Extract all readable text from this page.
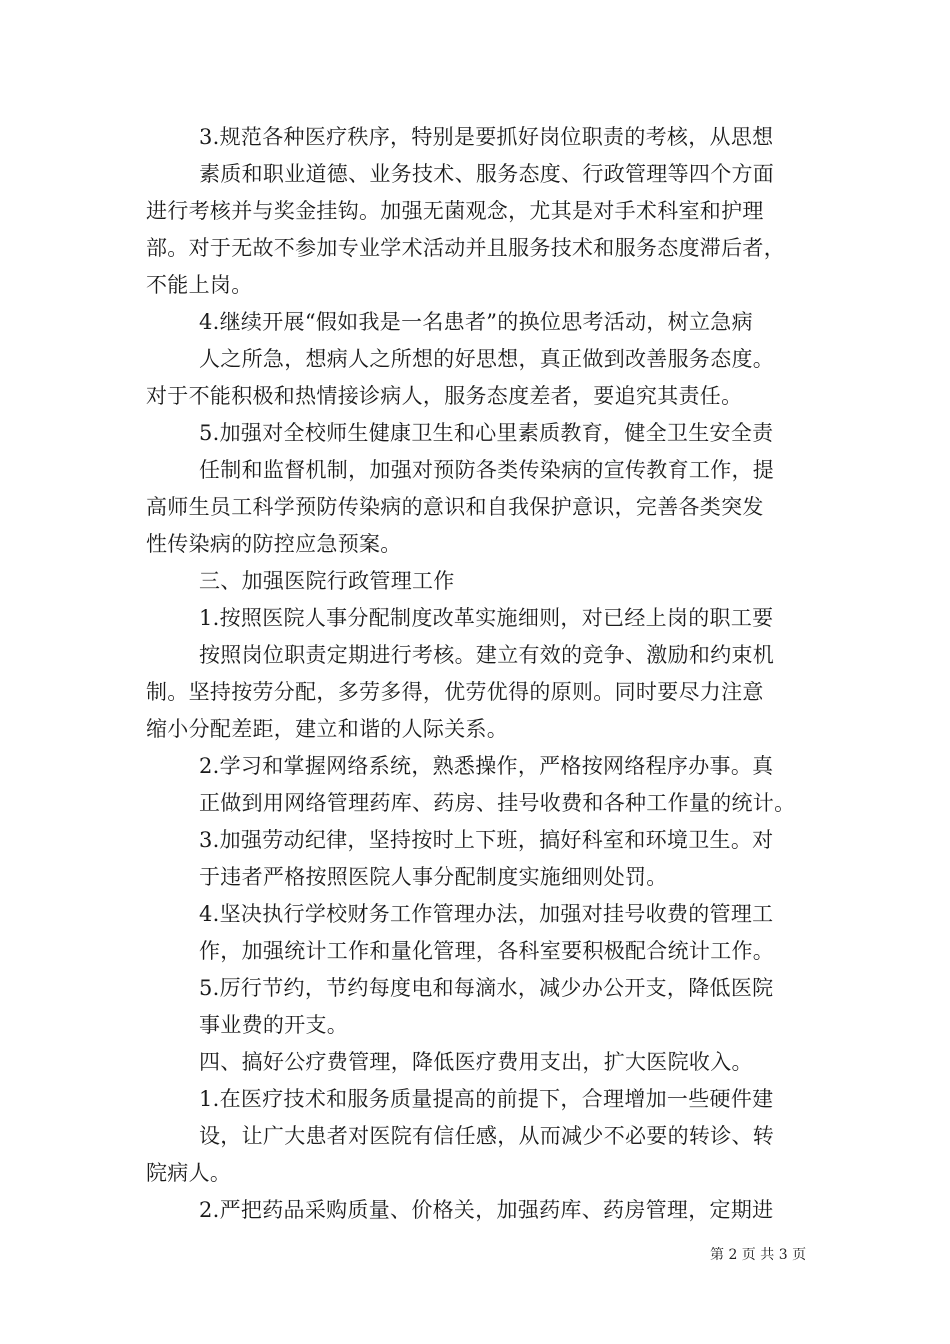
3.规范各种医疗秩序，特别是要抓好岗位职责的考核，从思想
素质和职业道德、业务技术、服务态度、行政管理等四个方面
进行考核并与奖金挂钩。加强无菌观念，尤其是对手术科室和护理
部。对于无故不参加专业学术活动并且服务技术和服务态度滞后者，
不能上岗。
4.继续开展“假如我是一名患者”的换位思考活动，树立急病
人之所急，想病人之所想的好思想，真正做到改善服务态度。
对于不能积极和热情接诊病人，服务态度差者，要追究其责任。
5.加强对全校师生健康卫生和心里素质教育，健全卫生安全责
任制和监督机制，加强对预防各类传染病的宣传教育工作，提
高师生员工科学预防传染病的意识和自我保护意识，完善各类突发
性传染病的防控应急预案。
三、加强医院行政管理工作
1.按照医院人事分配制度改革实施细则，对已经上岗的职工要
按照岗位职责定期进行考核。建立有效的竞争、激励和约束机
制。坚持按劳分配，多劳多得，优劳优得的原则。同时要尽力注意
缩小分配差距，建立和谐的人际关系。
2.学习和掌握网络系统，熟悉操作，严格按网络程序办事。真
正做到用网络管理药库、药房、挂号收费和各种工作量的统计。
3.加强劳动纪律，坚持按时上下班，搞好科室和环境卫生。对
于违者严格按照医院人事分配制度实施细则处罚。
4.坚决执行学校财务工作管理办法，加强对挂号收费的管理工
作，加强统计工作和量化管理，各科室要积极配合统计工作。
5.厉行节约，节约每度电和每滴水，减少办公开支，降低医院
事业费的开支。
四、搞好公疗费管理，降低医疗费用支出，扩大医院收入。
1.在医疗技术和服务质量提高的前提下，合理增加一些硬件建
设，让广大患者对医院有信任感，从而减少不必要的转诊、转
院病人。
2.严把药品采购质量、价格关，加强药库、药房管理，定期进
第 2 页 共 3 页
